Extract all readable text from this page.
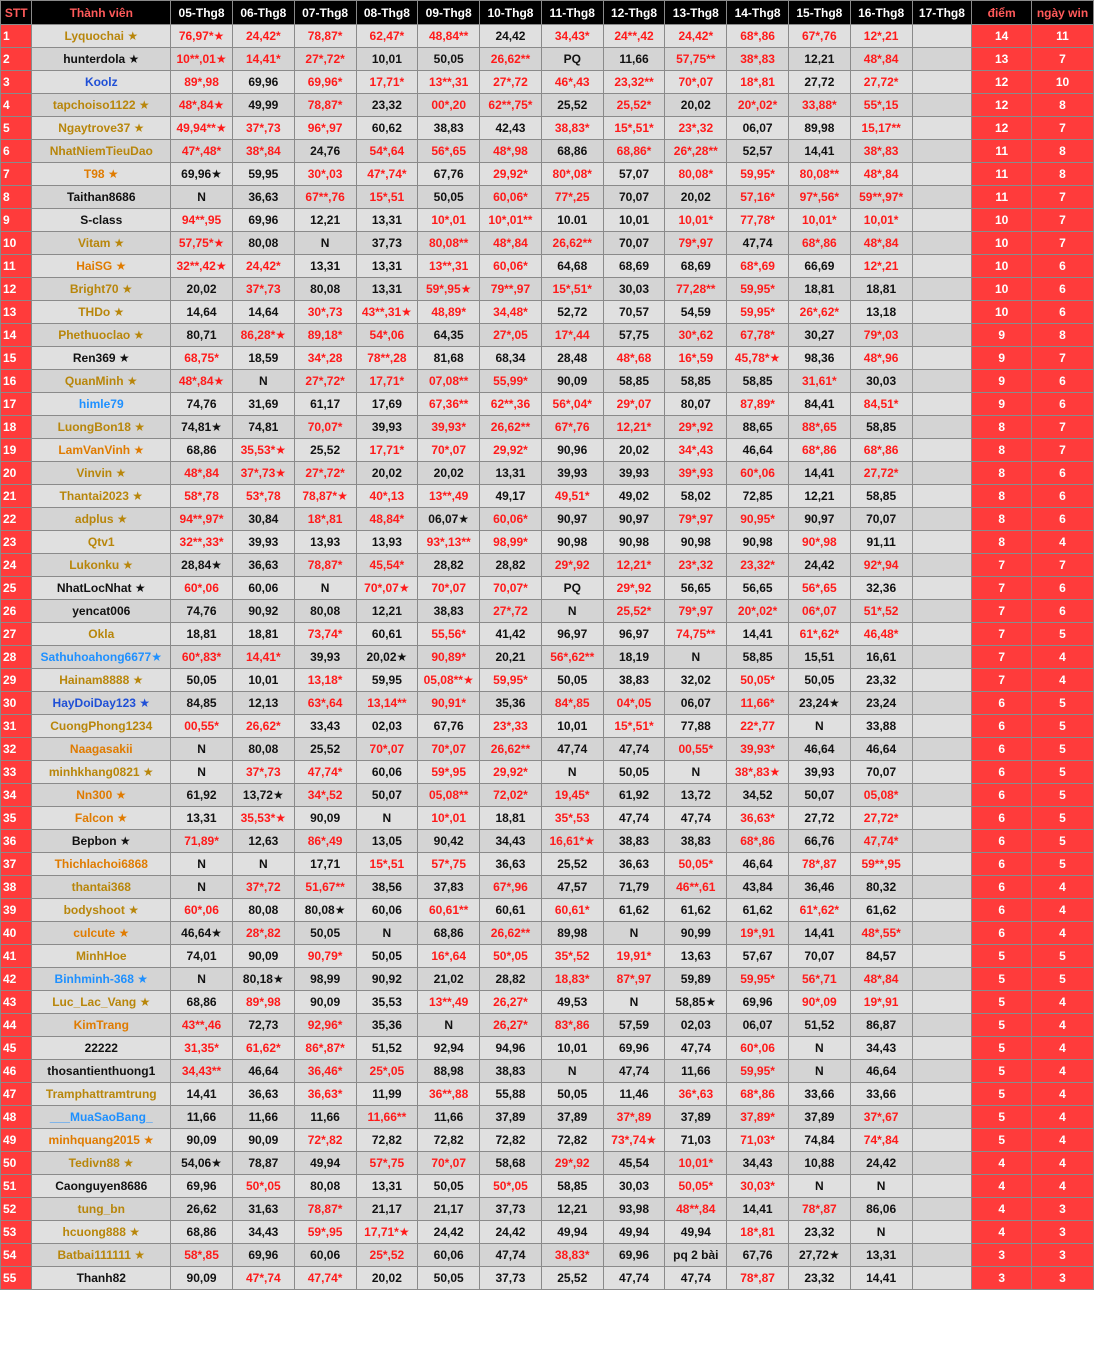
STT	Thành viên	05-Thg8	06-Thg8	07-Thg8	08-Thg8	09-Thg8	10-Thg8	11-Thg8	12-Thg8	13-Thg8	14-Thg8	15-Thg8	16-Thg8	17-Thg8	điểm	ngày win
1	Lyquochai ★	76,97*★	24,42*	78,87*	62,47*	48,84**	24,42	34,43*	24**,42	24,42*	68*,86	67*,76	12*,21		14	11
2	hunterdola ★	10**,01★	14,41*	27*,72*	10,01	50,05	26,62**	PQ	11,66	57,75**	38*,83	12,21	48*,84		13	7
3	Koolz	89*,98	69,96	69,96*	17,71*	13**,31	27*,72	46*,43	23,32**	70*,07	18*,81	27,72	27,72*		12	10
4	tapchoiso1122 ★	48*,84★	49,99	78,87*	23,32	00*,20	62**,75*	25,52	25,52*	20,02	20*,02*	33,88*	55*,15		12	8
5	Ngaytrove37 ★	49,94**★	37*,73	96*,97	60,62	38,83	42,43	38,83*	15*,51*	23*,32	06,07	89,98	15,17**		12	7
6	NhatNiemTieuDao	47*,48*	38*,84	24,76	54*,64	56*,65	48*,98	68,86	68,86*	26*,28**	52,57	14,41	38*,83		11	8
7	T98 ★	69,96★	59,95	30*,03	47*,74*	67,76	29,92*	80*,08*	57,07	80,08*	59,95*	80,08**	48*,84		11	8
8	Taithan8686	N	36,63	67**,76	15*,51	50,05	60,06*	77*,25	70,07	20,02	57,16*	97*,56*	59**,97*		11	7
9	S-class	94**,95	69,96	12,21	13,31	10*,01	10*,01**	10.01	10,01	10,01*	77,78*	10,01*	10,01*		10	7
10	Vitam ★	57,75*★	80,08	N	37,73	80,08**	48*,84	26,62**	70,07	79*,97	47,74	68*,86	48*,84		10	7
11	HaiSG ★	32**,42★	24,42*	13,31	13,31	13**,31	60,06*	64,68	68,69	68,69	68*,69	66,69	12*,21		10	6
12	Bright70 ★	20,02	37*,73	80,08	13,31	59*,95★	79**,97	15*,51*	30,03	77,28**	59,95*	18,81	18,81		10	6
13	THDo ★	14,64	14,64	30*,73	43**,31★	48,89*	34,48*	52,72	70,57	54,59	59,95*	26*,62*	13,18		10	6
14	Phethuoclao ★	80,71	86,28*★	89,18*	54*,06	64,35	27*,05	17*,44	57,75	30*,62	67,78*	30,27	79*,03		9	8
15	Ren369 ★	68,75*	18,59	34*,28	78**,28	81,68	68,34	28,48	48*,68	16*,59	45,78*★	98,36	48*,96		9	7
16	QuanMinh ★	48*,84★	N	27*,72*	17,71*	07,08**	55,99*	90,09	58,85	58,85	58,85	31,61*	30,03		9	6
17	himle79	74,76	31,69	61,17	17,69	67,36**	62**,36	56*,04*	29*,07	80,07	87,89*	84,41	84,51*		9	6
18	LuongBon18 ★	74,81★	74,81	70,07*	39,93	39,93*	26,62**	67*,76	12,21*	29*,92	88,65	88*,65	58,85		8	7
19	LamVanVinh ★	68,86	35,53*★	25,52	17,71*	70*,07	29,92*	90,96	20,02	34*,43	46,64	68*,86	68*,86		8	7
20	Vinvin ★	48*,84	37*,73★	27*,72*	20,02	20,02	13,31	39,93	39,93	39*,93	60*,06	14,41	27,72*		8	6
21	Thantai2023 ★	58*,78	53*,78	78,87*★	40*,13	13**,49	49,17	49,51*	49,02	58,02	72,85	12,21	58,85		8	6
22	adplus ★	94**,97*	30,84	18*,81	48,84*	06,07★	60,06*	90,97	90,97	79*,97	90,95*	90,97	70,07		8	6
23	Qtv1	32**,33*	39,93	13,93	13,93	93*,13**	98,99*	90,98	90,98	90,98	90,98	90*,98	91,11		8	4
24	Lukonku ★	28,84★	36,63	78,87*	45,54*	28,82	28,82	29*,92	12,21*	23*,32	23,32*	24,42	92*,94		7	7
25	NhatLocNhat ★	60*,06	60,06	N	70*,07★	70*,07	70,07*	PQ	29*,92	56,65	56,65	56*,65	32,36		7	6
26	yencat006	74,76	90,92	80,08	12,21	38,83	27*,72	N	25,52*	79*,97	20*,02*	06*,07	51*,52		7	6
27	Okla	18,81	18,81	73,74*	60,61	55,56*	41,42	96,97	96,97	74,75**	14,41	61*,62*	46,48*		7	5
28	Sathuhoahong6677★	60*,83*	14,41*	39,93	20,02★	90,89*	20,21	56*,62**	18,19	N	58,85	15,51	16,61		7	4
29	Hainam8888 ★	50,05	10,01	13,18*	59,95	05,08**★	59,95*	50,05	38,83	32,02	50,05*	50,05	23,32		7	4
30	HayDoiDay123 ★	84,85	12,13	63*,64	13,14**	90,91*	35,36	84*,85	04*,05	06,07	11,66*	23,24★	23,24		6	5
31	CuongPhong1234	00,55*	26,62*	33,43	02,03	67,76	23*,33	10,01	15*,51*	77,88	22*,77	N	33,88		6	5
32	Naagasakii	N	80,08	25,52	70*,07	70*,07	26,62**	47,74	47,74	00,55*	39,93*	46,64	46,64		6	5
33	minhkhang0821 ★	N	37*,73	47,74*	60,06	59*,95	29,92*	N	50,05	N	38*,83★	39,93	70,07		6	5
34	Nn300 ★	61,92	13,72★	34*,52	50,07	05,08**	72,02*	19,45*	61,92	13,72	34,52	50,07	05,08*		6	5
35	Falcon ★	13,31	35,53*★	90,09	N	10*,01	18,81	35*,53	47,74	47,74	36,63*	27,72	27,72*		6	5
36	Bepbon ★	71,89*	12,63	86*,49	13,05	90,42	34,43	16,61*★	38,83	38,83	68*,86	66,76	47,74*		6	5
37	Thichlachoi6868	N	N	17,71	15*,51	57*,75	36,63	25,52	36,63	50,05*	46,64	78*,87	59**,95		6	5
38	thantai368	N	37*,72	51,67**	38,56	37,83	67*,96	47,57	71,79	46**,61	43,84	36,46	80,32		6	4
39	bodyshoot ★	60*,06	80,08	80,08★	60,06	60,61**	60,61	60,61*	61,62	61,62	61,62	61*,62*	61,62		6	4
40	culcute ★	46,64★	28*,82	50,05	N	68,86	26,62**	89,98	N	90,99	19*,91	14,41	48*,55*		6	4
41	MinhHoe	74,01	90,09	90,79*	50,05	16*,64	50*,05	35*,52	19,91*	13,63	57,67	70,07	84,57		5	5
42	Binhminh-368 ★	N	80,18★	98,99	90,92	21,02	28,82	18,83*	87*,97	59,89	59,95*	56*,71	48*,84		5	5
43	Luc_Lac_Vang ★	68,86	89*,98	90,09	35,53	13**,49	26,27*	49,53	N	58,85★	69,96	90*,09	19*,91		5	4
44	KimTrang	43**,46	72,73	92,96*	35,36	N	26,27*	83*,86	57,59	02,03	06,07	51,52	86,87		5	4
45	22222	31,35*	61,62*	86*,87*	51,52	92,94	94,96	10,01	69,96	47,74	60*,06	N	34,43		5	4
46	thosantienthuong1	34,43**	46,64	36,46*	25*,05	88,98	38,83	N	47,74	11,66	59,95*	N	46,64		5	4
47	Tramphattramtrung	14,41	36,63	36,63*	11,99	36**,88	55,88	50,05	11,46	36*,63	68*,86	33,66	33,66		5	4
48	___MuaSaoBang_	11,66	11,66	11,66	11,66**	11,66	37,89	37,89	37*,89	37,89	37,89*	37,89	37*,67		5	4
49	minhquang2015 ★	90,09	90,09	72*,82	72,82	72,82	72,82	72,82	73*,74★	71,03	71,03*	74,84	74*,84		5	4
50	Tedivn88 ★	54,06★	78,87	49,94	57*,75	70*,07	58,68	29*,92	45,54	10,01*	34,43	10,88	24,42		4	4
51	Caonguyen8686	69,96	50*,05	80,08	13,31	50,05	50*,05	58,85	30,03	50,05*	30,03*	N	N		4	4
52	tung_bn	26,62	31,63	78,87*	21,17	21,17	37,73	12,21	93,98	48**,84	14,41	78*,87	86,06		4	3
53	hcuong888 ★	68,86	34,43	59*,95	17,71*★	24,42	24,42	49,94	49,94	49,94	18*,81	23,32	N		4	3
54	Batbai111111 ★	58*,85	69,96	60,06	25*,52	60,06	47,74	38,83*	69,96	pq 2 bài	67,76	27,72★	13,31		3	3
55	Thanh82	90,09	47*,74	47,74*	20,02	50,05	37,73	25,52	47,74	47,74	78*,87	23,32	14,41		3	3
